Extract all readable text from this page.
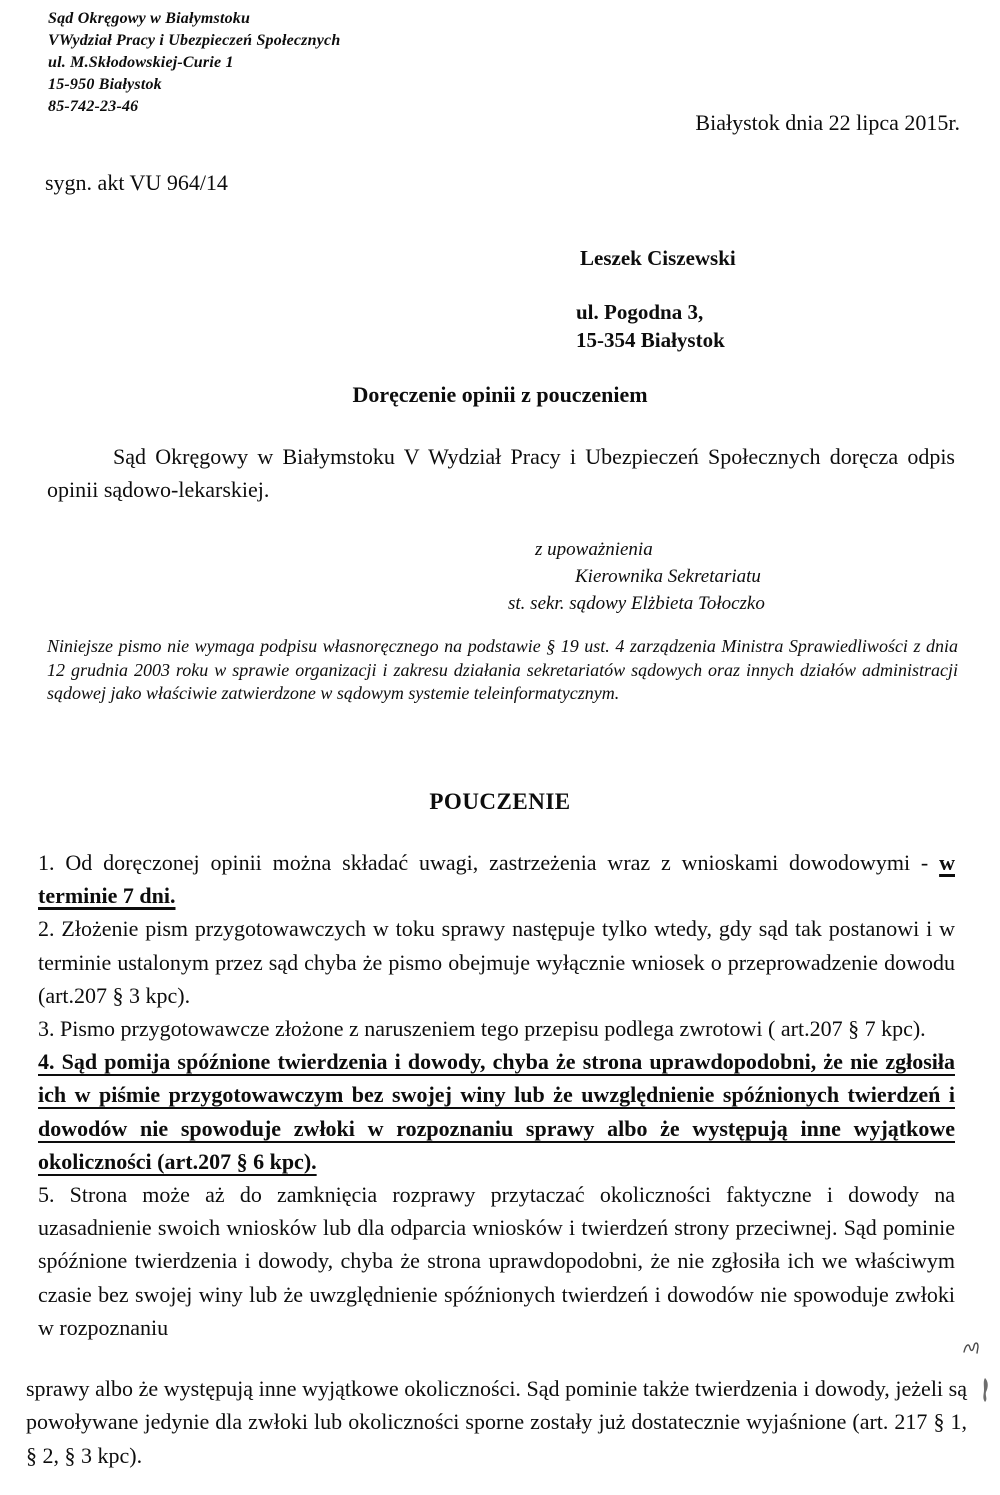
Sąd Okręgowy w Białymstoku
VWydział Pracy i Ubezpieczeń Społecznych
ul. M.Skłodowskiej-Curie 1
15-950 Białystok
85-742-23-46
Białystok dnia 22 lipca 2015r.
sygn. akt VU 964/14
Leszek Ciszewski
ul. Pogodna 3,
15-354 Białystok
Doręczenie opinii z pouczeniem

Sąd Okręgowy w Białymstoku V Wydział Pracy i Ubezpieczeń Społecznych doręcza odpis opinii sądowo-lekarskiej.

z upoważnienia
Kierownika Sekretariatu
st. sekr. sądowy Elżbieta Tołoczko

Niniejsze pismo nie wymaga podpisu własnoręcznego na podstawie § 19 ust. 4 zarządzenia Ministra Sprawiedliwości z dnia 12 grudnia 2003 roku w sprawie organizacji i zakresu działania sekretariatów sądowych oraz innych działów administracji sądowej jako właściwie zatwierdzone w sądowym systemie teleinformatycznym.

POUCZENIE

1. Od doręczonej opinii można składać uwagi, zastrzeżenia wraz z wnioskami dowodowymi - w terminie 7 dni.

2. Złożenie pism przygotowawczych w toku sprawy następuje tylko wtedy, gdy sąd tak postanowi i w terminie ustalonym przez sąd chyba że pismo obejmuje wyłącznie wniosek o przeprowadzenie dowodu (art.207 § 3 kpc).

3. Pismo przygotowawcze złożone z naruszeniem tego przepisu podlega zwrotowi ( art.207 § 7 kpc).

4. Sąd pomija spóźnione twierdzenia i dowody, chyba że strona uprawdopodobni, że nie zgłosiła ich w piśmie przygotowawczym bez swojej winy lub że uwzględnienie spóźnionych twierdzeń i dowodów nie spowoduje zwłoki w rozpoznaniu sprawy albo że występują inne wyjątkowe okoliczności (art.207 § 6 kpc).

5. Strona może aż do zamknięcia rozprawy przytaczać okoliczności faktyczne i dowody na uzasadnienie swoich wniosków lub dla odparcia wniosków i twierdzeń strony przeciwnej. Sąd pominie spóźnione twierdzenia i dowody, chyba że strona uprawdopodobni, że nie zgłosiła ich we właściwym czasie bez swojej winy lub że uwzględnienie spóźnionych twierdzeń i dowodów nie spowoduje zwłoki w rozpoznaniu

sprawy albo że występują inne wyjątkowe okoliczności. Sąd pominie także twierdzenia i dowody, jeżeli są powoływane jedynie dla zwłoki lub okoliczności sporne zostały już dostatecznie wyjaśnione (art. 217 § 1, § 2, § 3 kpc).
